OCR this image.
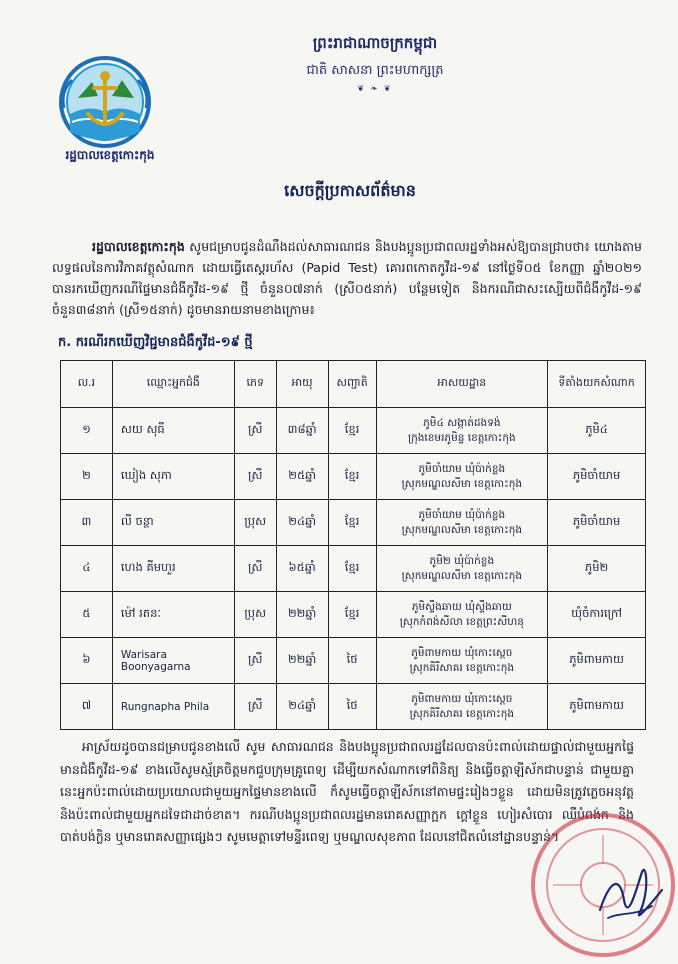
រដ្ឋបាលខេត្តកោះកុង
ព្រះរាជាណាចក្រកម្ពុជា
ជាតិ សាសនា ព្រះមហាក្សត្រ
❦ ❧ ❦
សេចក្ដីប្រកាសព័ត៌មាន
រដ្ឋបាលខេត្តកោះកុង សូមជម្រាបជូនដំណឹងដល់សាធារណជន និងបងប្អូនប្រជាពលរដ្ឋទាំងអស់ឱ្យបានជ្រាបថា៖ យោងតាមលទ្ធផលនៃការវិភាគវត្ថុសំណាក ដោយធ្វើតេស្តរហ័ស (Papid Test) គោរពកោតកូវីដ-១៩ នៅថ្ងៃទី០៥ ខែកញ្ញា ឆ្នាំ២០២១ បានរកឃើញករណីផ្ទៃមានជំងឺកូវីដ-១៩ ថ្មី ចំនួន០៧នាក់ (ស្រី០៥នាក់) បន្ថែមទៀត និងករណីជាសះស្បើយពីជំងឺកូវីដ-១៩ ចំនួន៣៨នាក់ (ស្រី១៥នាក់) ដូចមានរាយនាមខាងក្រោម៖
ក. ករណីរកឃើញវិជ្ជមានជំងឺកូវីដ-១៩ ថ្មី
ល.រ	ឈ្មោះអ្នកជំងឺ	ភេទ	អាយុ	សញ្ជាតិ	អាសយដ្ឋាន	ទីតាំងយកសំណាក
១	សយ សុធី	ស្រី	៣៨ឆ្នាំ	ខ្មែរ	ភូមិ៤ សង្កាត់ដងទង់
ក្រុងខេមរភូមិន្ទ ខេត្តកោះកុង	ភូមិ៤
២	ឃៀង សុភា	ស្រី	២៥ឆ្នាំ	ខ្មែរ	ភូមិចាំយាម ឃុំប៉ាក់ខ្លង
ស្រុកមណ្ឌលសីមា ខេត្តកោះកុង	ភូមិចាំយាម
៣	លី ចន្ថា	ប្រុស	២៤ឆ្នាំ	ខ្មែរ	ភូមិចាំយាម ឃុំប៉ាក់ខ្លង
ស្រុកមណ្ឌលសីមា ខេត្តកោះកុង	ភូមិចាំយាម
៤	ហេង គីមហួរ	ស្រី	៦៥ឆ្នាំ	ខ្មែរ	ភូមិ២ ឃុំប៉ាក់ខ្លង
ស្រុកមណ្ឌលសីមា ខេត្តកោះកុង	ភូមិ២
៥	ម៉ៅ រតនៈ	ប្រុស	២២ឆ្នាំ	ខ្មែរ	ភូមិស្ទឹងឆាយ ឃុំស្ទឹងឆាយ
ស្រុកកំពង់សីលា ខេត្តព្រះសីហនុ	ឃុំចំការក្រៅ
៦	Warisara Boonyagarna	ស្រី	២២ឆ្នាំ	ថៃ	ភូមិពាមកាយ ឃុំកោះស្ដេច
ស្រុកគិរីសាគរ ខេត្តកោះកុង	ភូមិពាមកាយ
៧	Rungnapha Phila	ស្រី	២៤ឆ្នាំ	ថៃ	ភូមិពាមកាយ ឃុំកោះស្ដេច
ស្រុកគិរីសាគរ ខេត្តកោះកុង	ភូមិពាមកាយ
អាស្រ័យដូចបានជម្រាបជូនខាងលើ សូម សាធារណជន និងបងប្អូនប្រជាពលរដ្ឋដែលបានប៉ះពាល់ដោយផ្ទាល់ជាមួយអ្នកផ្ទៃមានជំងឺកូវីដ-១៩ ខាងលើសូមស្ម័គ្រចិត្តមកជួបក្រុមគ្រូពេទ្យ ដើម្បីយកសំណាកទៅពិនិត្យ និងធ្វើចត្តាឡីស័កជាបន្ទាន់ ជាមួយគ្នានេះអ្នកប៉ះពាល់ដោយប្រយោលជាមួយអ្នកផ្ទៃមានខាងលើ ក៏សូមធ្វើចត្តាឡីស័កនៅតាមផ្ទះរៀងៗខ្លួន ដោយមិនត្រូវភ្លេចអនុវត្ត និងប៉ះពាល់ជាមួយអ្នកដទៃជាដាច់ខាត។ ករណីបងប្អូនប្រជាពលរដ្ឋមានរោគសញ្ញាក្អក ក្តៅខ្លួន ហៀរសំបោរ ឈឺបំពង់ក និងបាត់បង់ក្លិន ឬមានរោគសញ្ញាផ្សេងៗ សូមមេត្តាទៅមន្ទីរពេទ្យ ឬមណ្ឌលសុខភាព ដែលនៅជិតលំនៅដ្ឋានបន្ទាន់។
